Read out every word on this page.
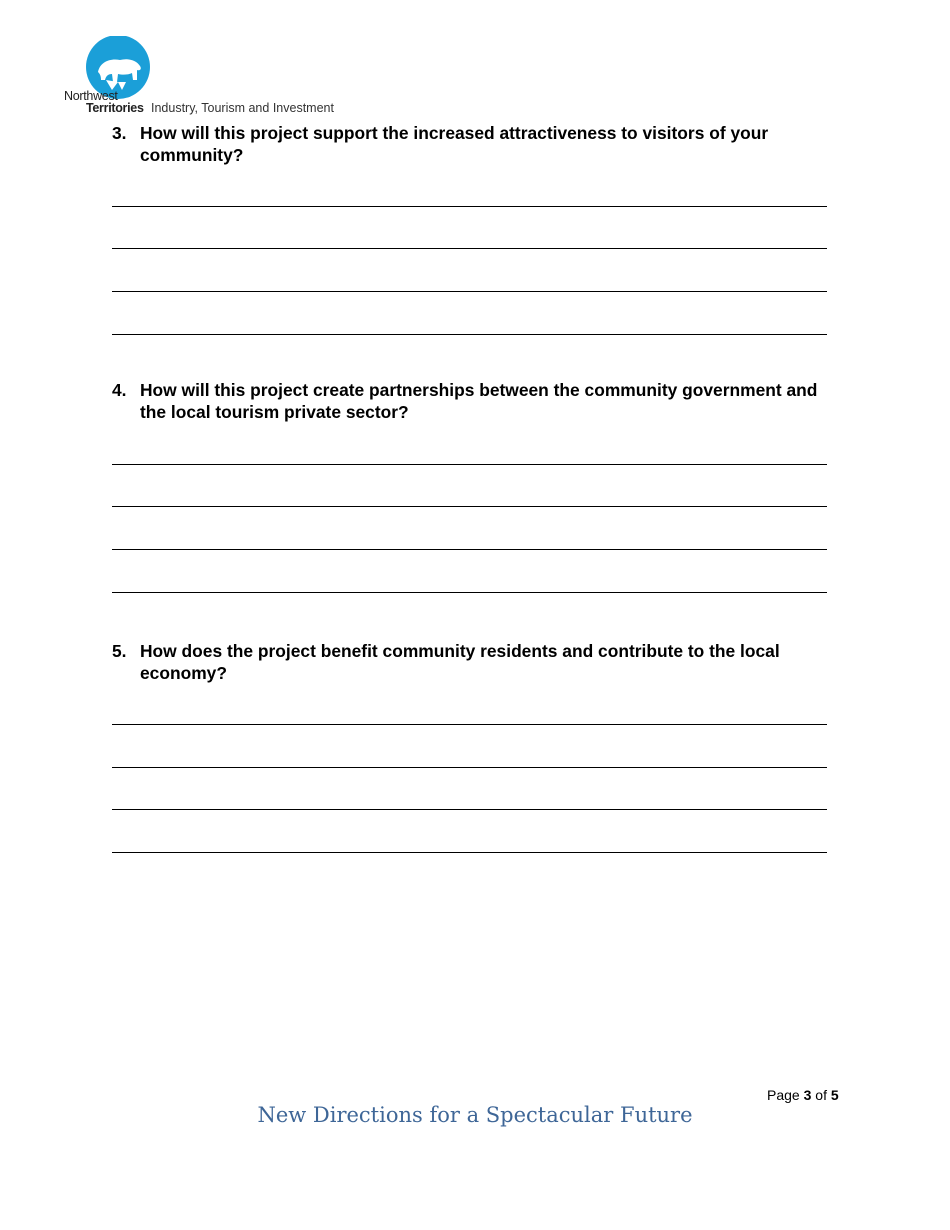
Northwest
Territories Industry, Tourism and Investment
3. How will this project support the increased attractiveness to visitors of your community?
4. How will this project create partnerships between the community government and the local tourism private sector?
5. How does the project benefit community residents and contribute to the local economy?
Page 3 of 5
New Directions for a Spectacular Future
